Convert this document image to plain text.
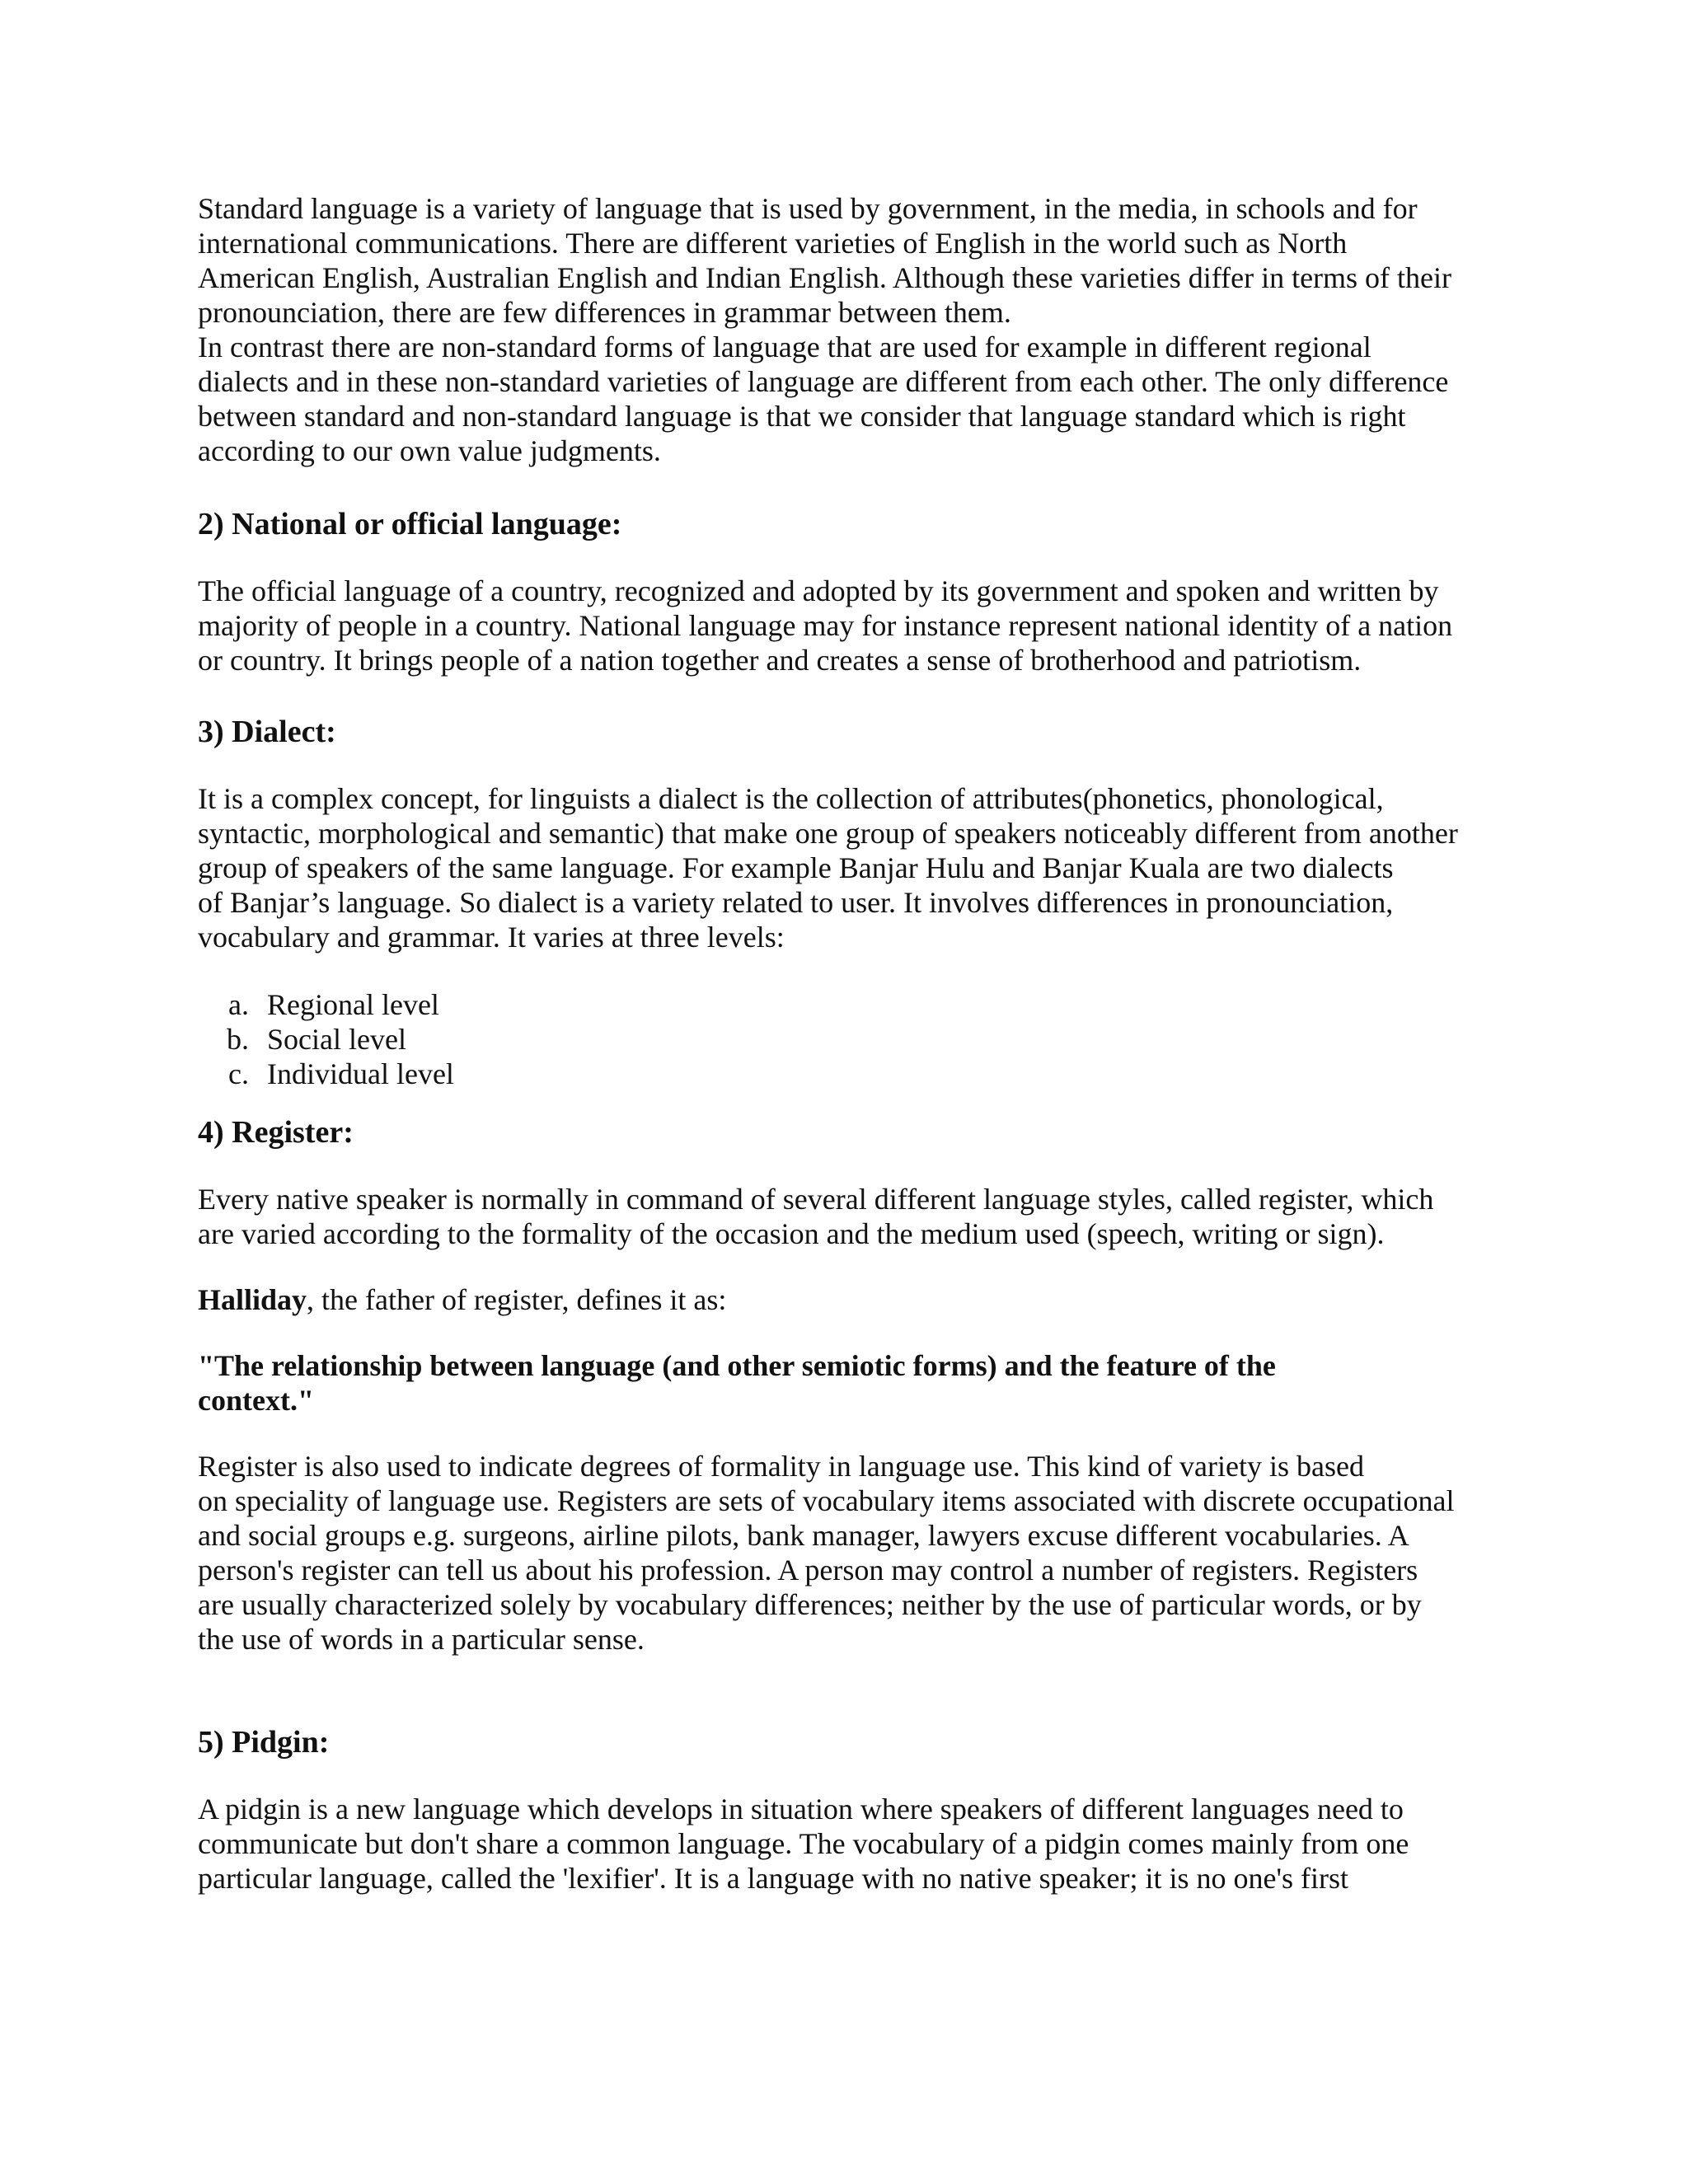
Standard language is a variety of language that is used by government, in the media, in schools and for

international communications. There are different varieties of English in the world such as North

American English, Australian English and Indian English. Although these varieties differ in terms of their

pronounciation, there are few differences in grammar between them.

In contrast there are non-standard forms of language that are used for example in different regional

dialects and in these non-standard varieties of language are different from each other. The only difference

between standard and non-standard language is that we consider that language standard which is right

according to our own value judgments.

2) National or official language:

The official language of a country, recognized and adopted by its government and spoken and written by

majority of people in a country. National language may for instance represent national identity of a nation

or country. It brings people of a nation together and creates a sense of brotherhood and patriotism.

3) Dialect:

It is a complex concept, for linguists a dialect is the collection of attributes(phonetics, phonological,

syntactic, morphological and semantic) that make one group of speakers noticeably different from another

group of speakers of the same language. For example Banjar Hulu and Banjar Kuala are two dialects

of Banjar’s language. So dialect is a variety related to user. It involves differences in pronounciation,

vocabulary and grammar. It varies at three levels:

a. Regional level
b. Social level
c. Individual level
4) Register:

Every native speaker is normally in command of several different language styles, called register, which

are varied according to the formality of the occasion and the medium used (speech, writing or sign).

Halliday, the father of register, defines it as:

"The relationship between language (and other semiotic forms) and the feature of the

context."

Register is also used to indicate degrees of formality in language use. This kind of variety is based

on speciality of language use. Registers are sets of vocabulary items associated with discrete occupational

and social groups e.g. surgeons, airline pilots, bank manager, lawyers excuse different vocabularies. A

person's register can tell us about his profession. A person may control a number of registers. Registers

are usually characterized solely by vocabulary differences; neither by the use of particular words, or by

the use of words in a particular sense.

5) Pidgin:

A pidgin is a new language which develops in situation where speakers of different languages need to

communicate but don't share a common language. The vocabulary of a pidgin comes mainly from one

particular language, called the 'lexifier'. It is a language with no native speaker; it is no one's first
